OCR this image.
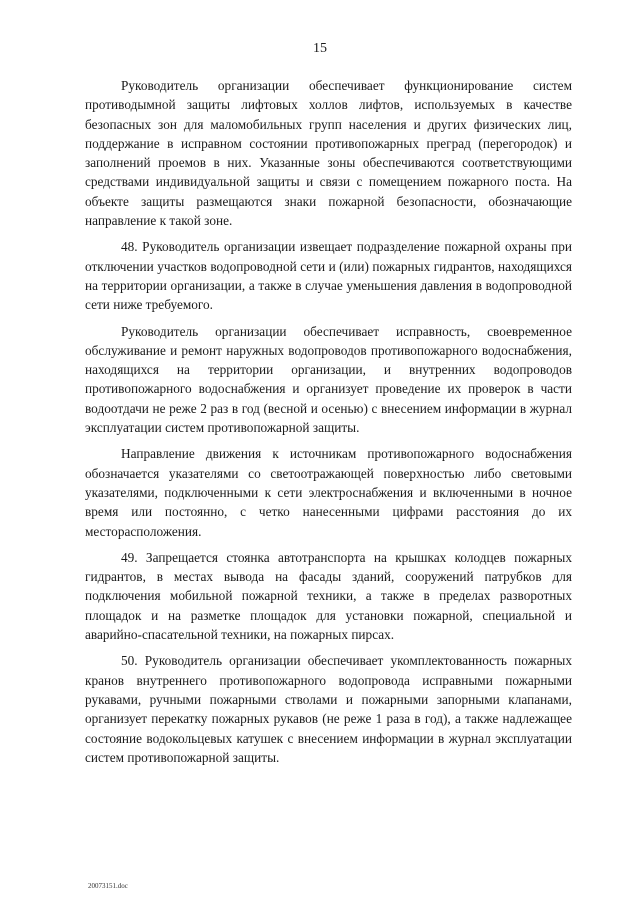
15

Руководитель организации обеспечивает функционирование систем противодымной защиты лифтовых холлов лифтов, используемых в качестве безопасных зон для маломобильных групп населения и других физических лиц, поддержание в исправном состоянии противопожарных преград (перегородок) и заполнений проемов в них. Указанные зоны обеспечиваются соответствующими средствами индивидуальной защиты и связи с помещением пожарного поста. На объекте защиты размещаются знаки пожарной безопасности, обозначающие направление к такой зоне.

48. Руководитель организации извещает подразделение пожарной охраны при отключении участков водопроводной сети и (или) пожарных гидрантов, находящихся на территории организации, а также в случае уменьшения давления в водопроводной сети ниже требуемого.

Руководитель организации обеспечивает исправность, своевременное обслуживание и ремонт наружных водопроводов противопожарного водоснабжения, находящихся на территории организации, и внутренних водопроводов противопожарного водоснабжения и организует проведение их проверок в части водоотдачи не реже 2 раз в год (весной и осенью) с внесением информации в журнал эксплуатации систем противопожарной защиты.

Направление движения к источникам противопожарного водоснабжения обозначается указателями со светоотражающей поверхностью либо световыми указателями, подключенными к сети электроснабжения и включенными в ночное время или постоянно, с четко нанесенными цифрами расстояния до их месторасположения.

49. Запрещается стоянка автотранспорта на крышках колодцев пожарных гидрантов, в местах вывода на фасады зданий, сооружений патрубков для подключения мобильной пожарной техники, а также в пределах разворотных площадок и на разметке площадок для установки пожарной, специальной и аварийно-спасательной техники, на пожарных пирсах.

50. Руководитель организации обеспечивает укомплектованность пожарных кранов внутреннего противопожарного водопровода исправными пожарными рукавами, ручными пожарными стволами и пожарными запорными клапанами, организует перекатку пожарных рукавов (не реже 1 раза в год), а также надлежащее состояние водокольцевых катушек с внесением информации в журнал эксплуатации систем противопожарной защиты.

20073151.doc
